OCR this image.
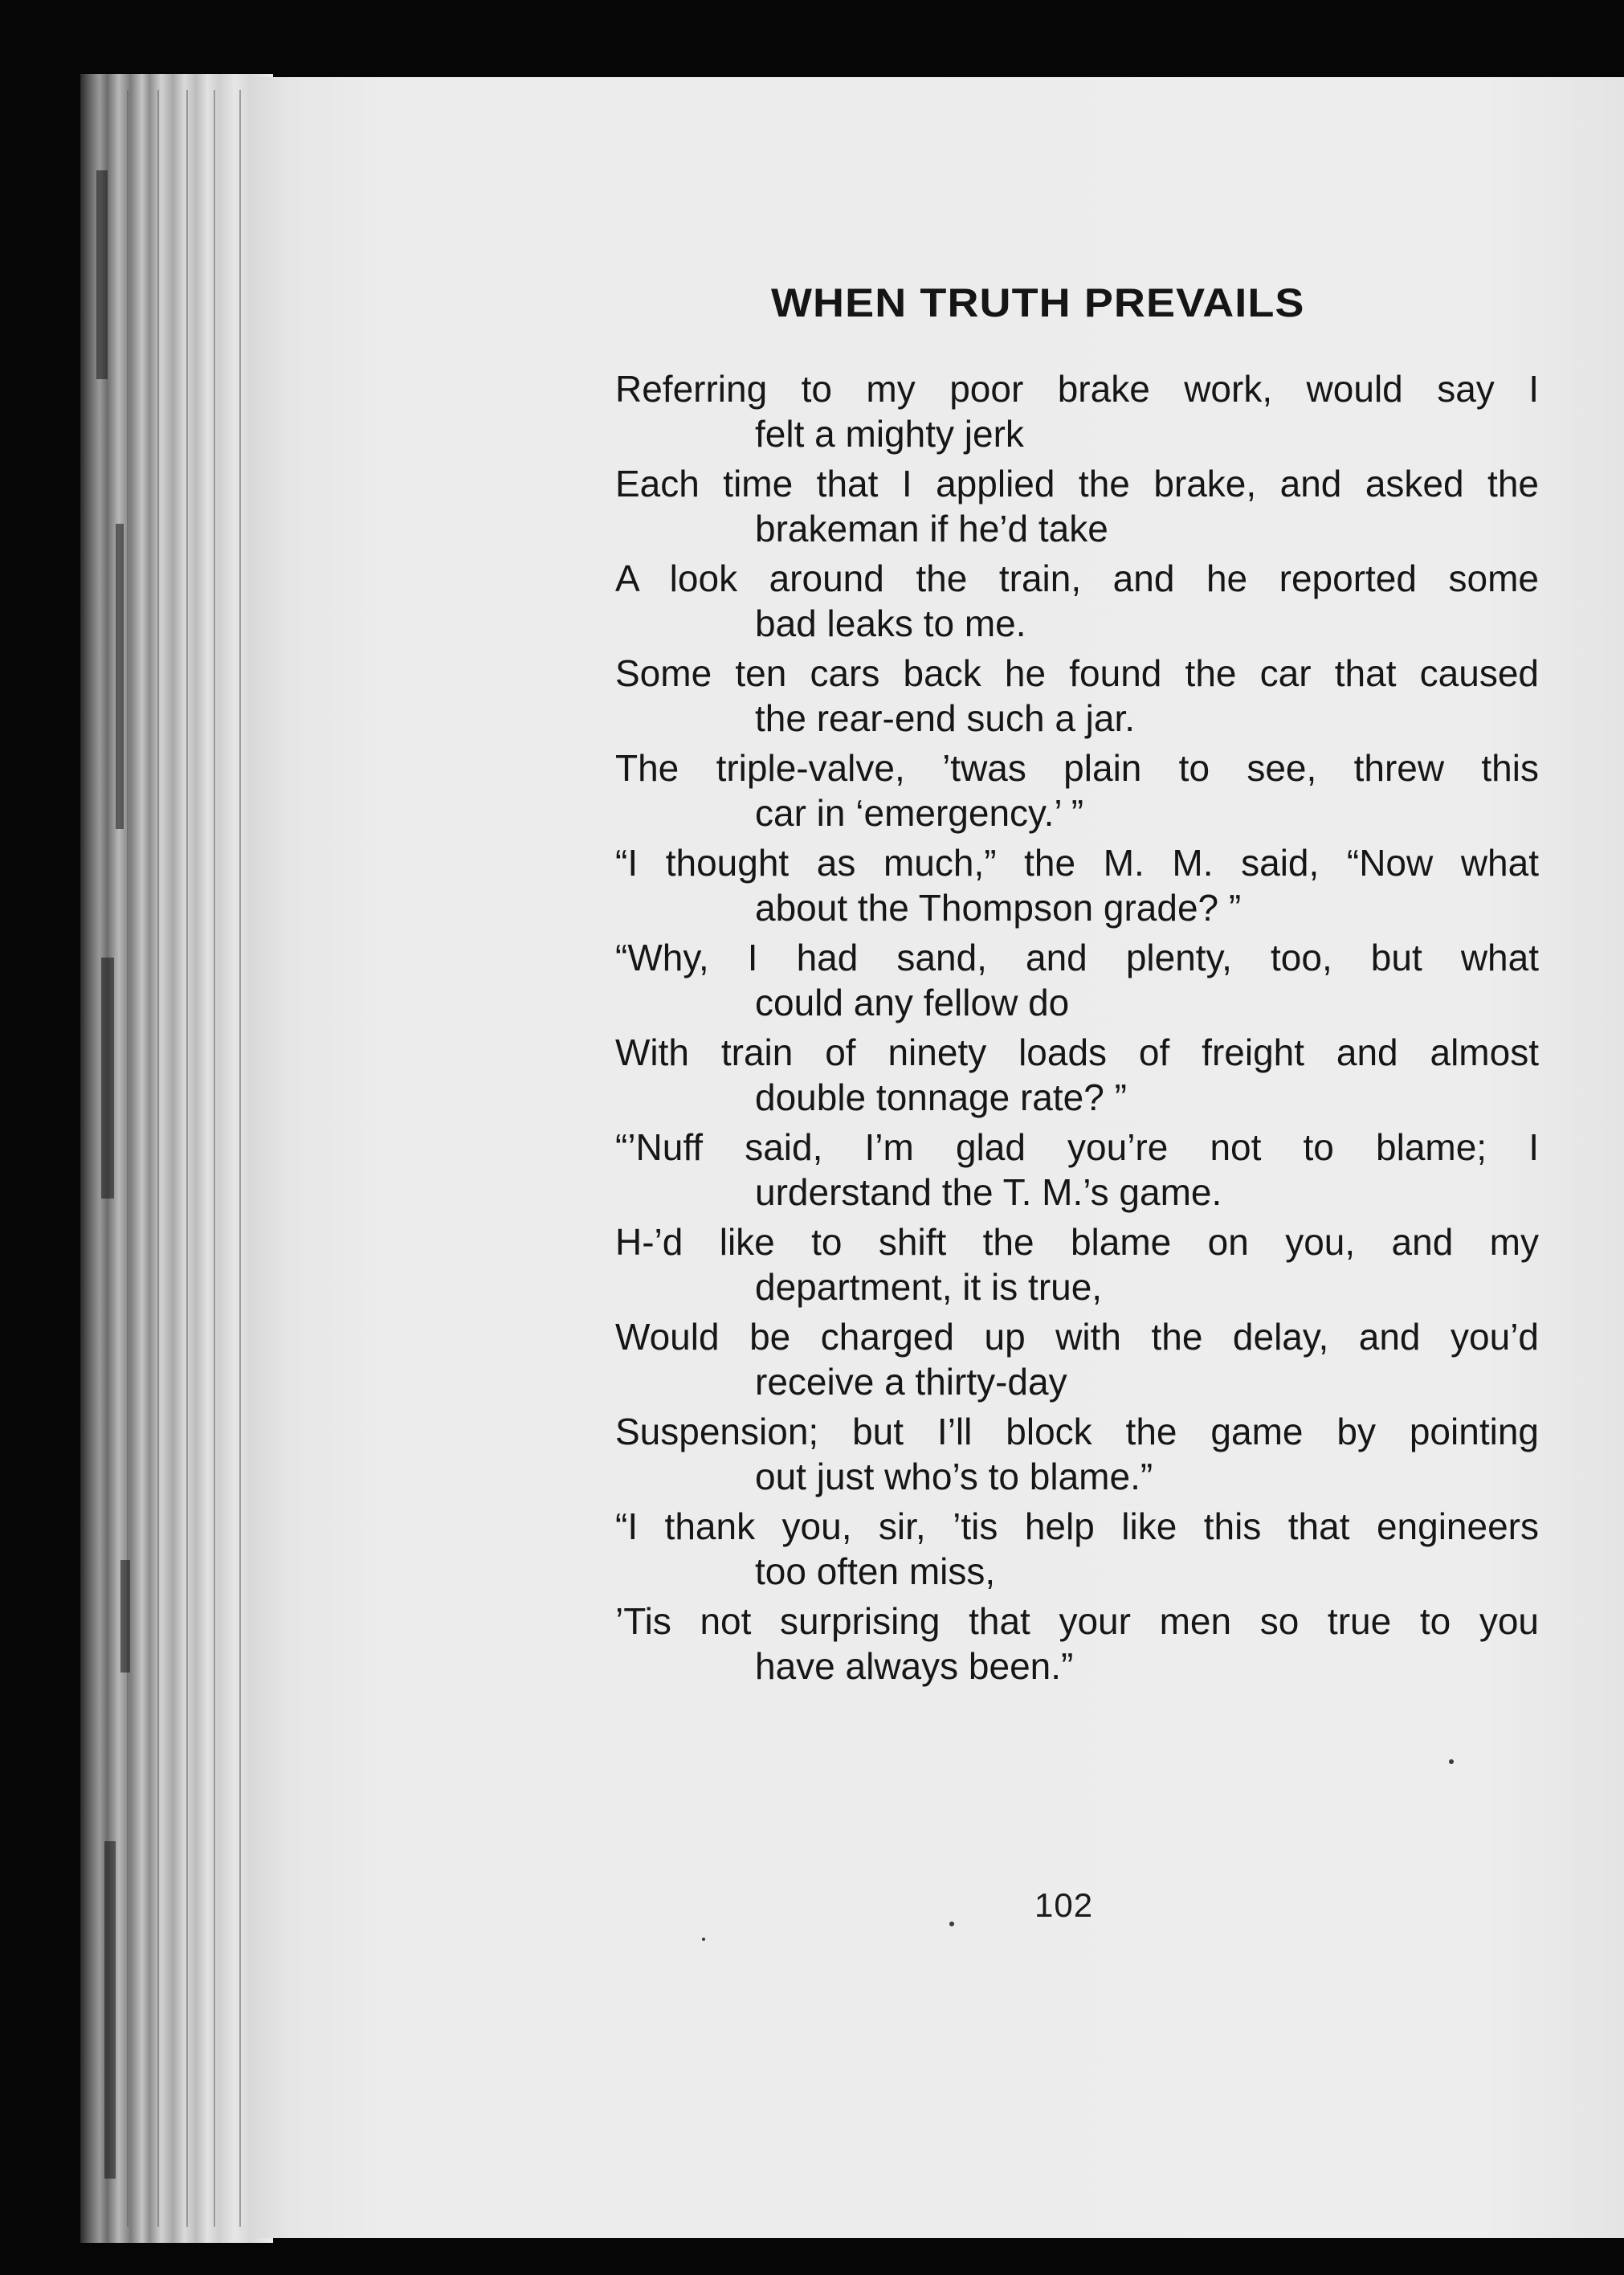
WHEN TRUTH PREVAILS
Referring to my poor brake work, would say I
felt a mighty jerk
Each time that I applied the brake, and asked the
brakeman if he’d take
A look around the train, and he reported some
bad leaks to me.
Some ten cars back he found the car that caused
the rear-end such a jar.
The triple-valve, ’twas plain to see, threw this
car in ‘emergency.’ ”
“I thought as much,” the M. M. said, “Now what
about the Thompson grade? ”
“Why, I had sand, and plenty, too, but what
could any fellow do
With train of ninety loads of freight and almost
double tonnage rate? ”
“’Nuff said, I’m glad you’re not to blame; I
urderstand the T. M.’s game.
H-’d like to shift the blame on you, and my
department, it is true,
Would be charged up with the delay, and you’d
receive a thirty-day
Suspension; but I’ll block the game by pointing
out just who’s to blame.”
“I thank you, sir, ’tis help like this that engineers
too often miss,
’Tis not surprising that your men so true to you
have always been.”
102
